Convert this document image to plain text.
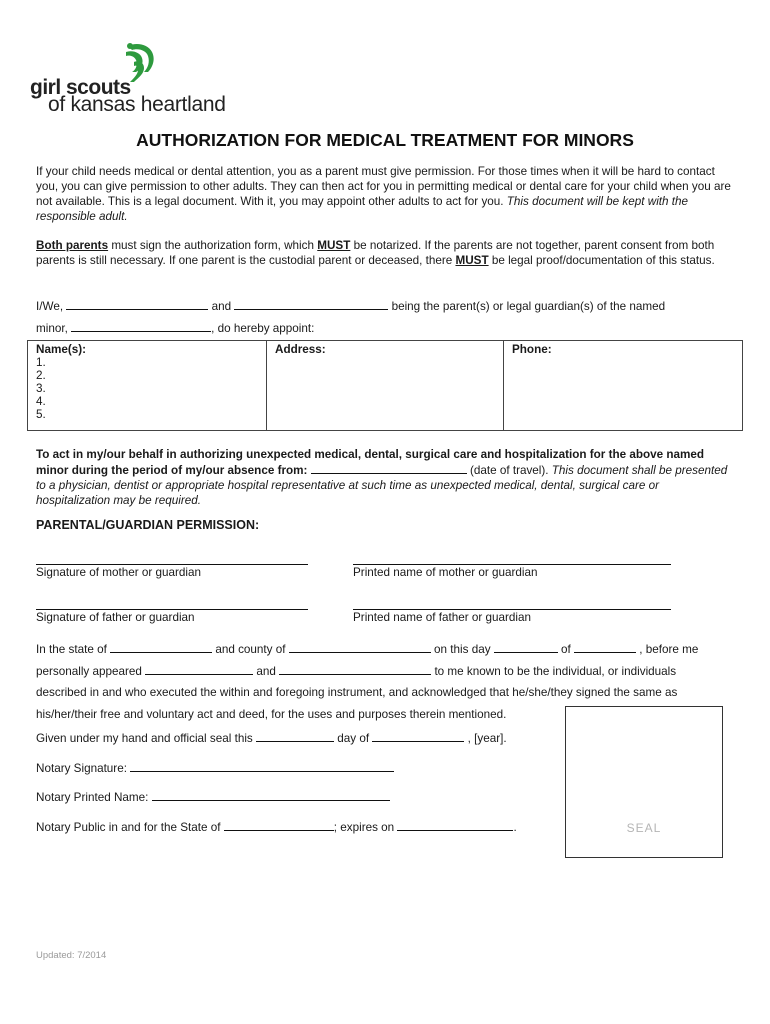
girl scouts
of kansas heartland
AUTHORIZATION FOR MEDICAL TREATMENT FOR MINORS

If your child needs medical or dental attention, you as a parent must give permission. For those times when it will be hard to contact you, you can give permission to other adults. They can then act for you in permitting medical or dental care for your child when you are not available. This is a legal document. With it, you may appoint other adults to act for you. This document will be kept with the responsible adult.

Both parents must sign the authorization form, which MUST be notarized. If the parents are not together, parent consent from both parents is still necessary. If one parent is the custodial parent or deceased, there MUST be legal proof/documentation of this status.

I/We,	and	being the parent(s) or legal guardian(s) of the named
minor,	, do hereby appoint:
Name(s):
1.
2.
3.
4.
5.

Address:	Phone:

To act in my/our behalf in authorizing unexpected medical, dental, surgical care and hospitalization for the above named minor during the period of my/our absence from:	(date of travel). This document shall be presented to a physician, dentist or appropriate hospital representative at such time as unexpected medical, dental, surgical care or hospitalization may be required.

PARENTAL/GUARDIAN PERMISSION:
Signature of mother or guardian	Printed name of mother or guardian
Signature of father or guardian	Printed name of father or guardian
In the state of	and county of	on this day	of	, before me
personally appeared	and	to me known to be the individual, or individuals
described in and who executed the within and foregoing instrument, and acknowledged that he/she/they signed the same as
his/her/their free and voluntary act and deed, for the uses and purposes therein mentioned.
Given under my hand and official seal this	day of	, [year].
Notary Signature:
Notary Printed Name:
Notary Public in and for the State of	; expires on	.	SEAL
Updated: 7/2014
